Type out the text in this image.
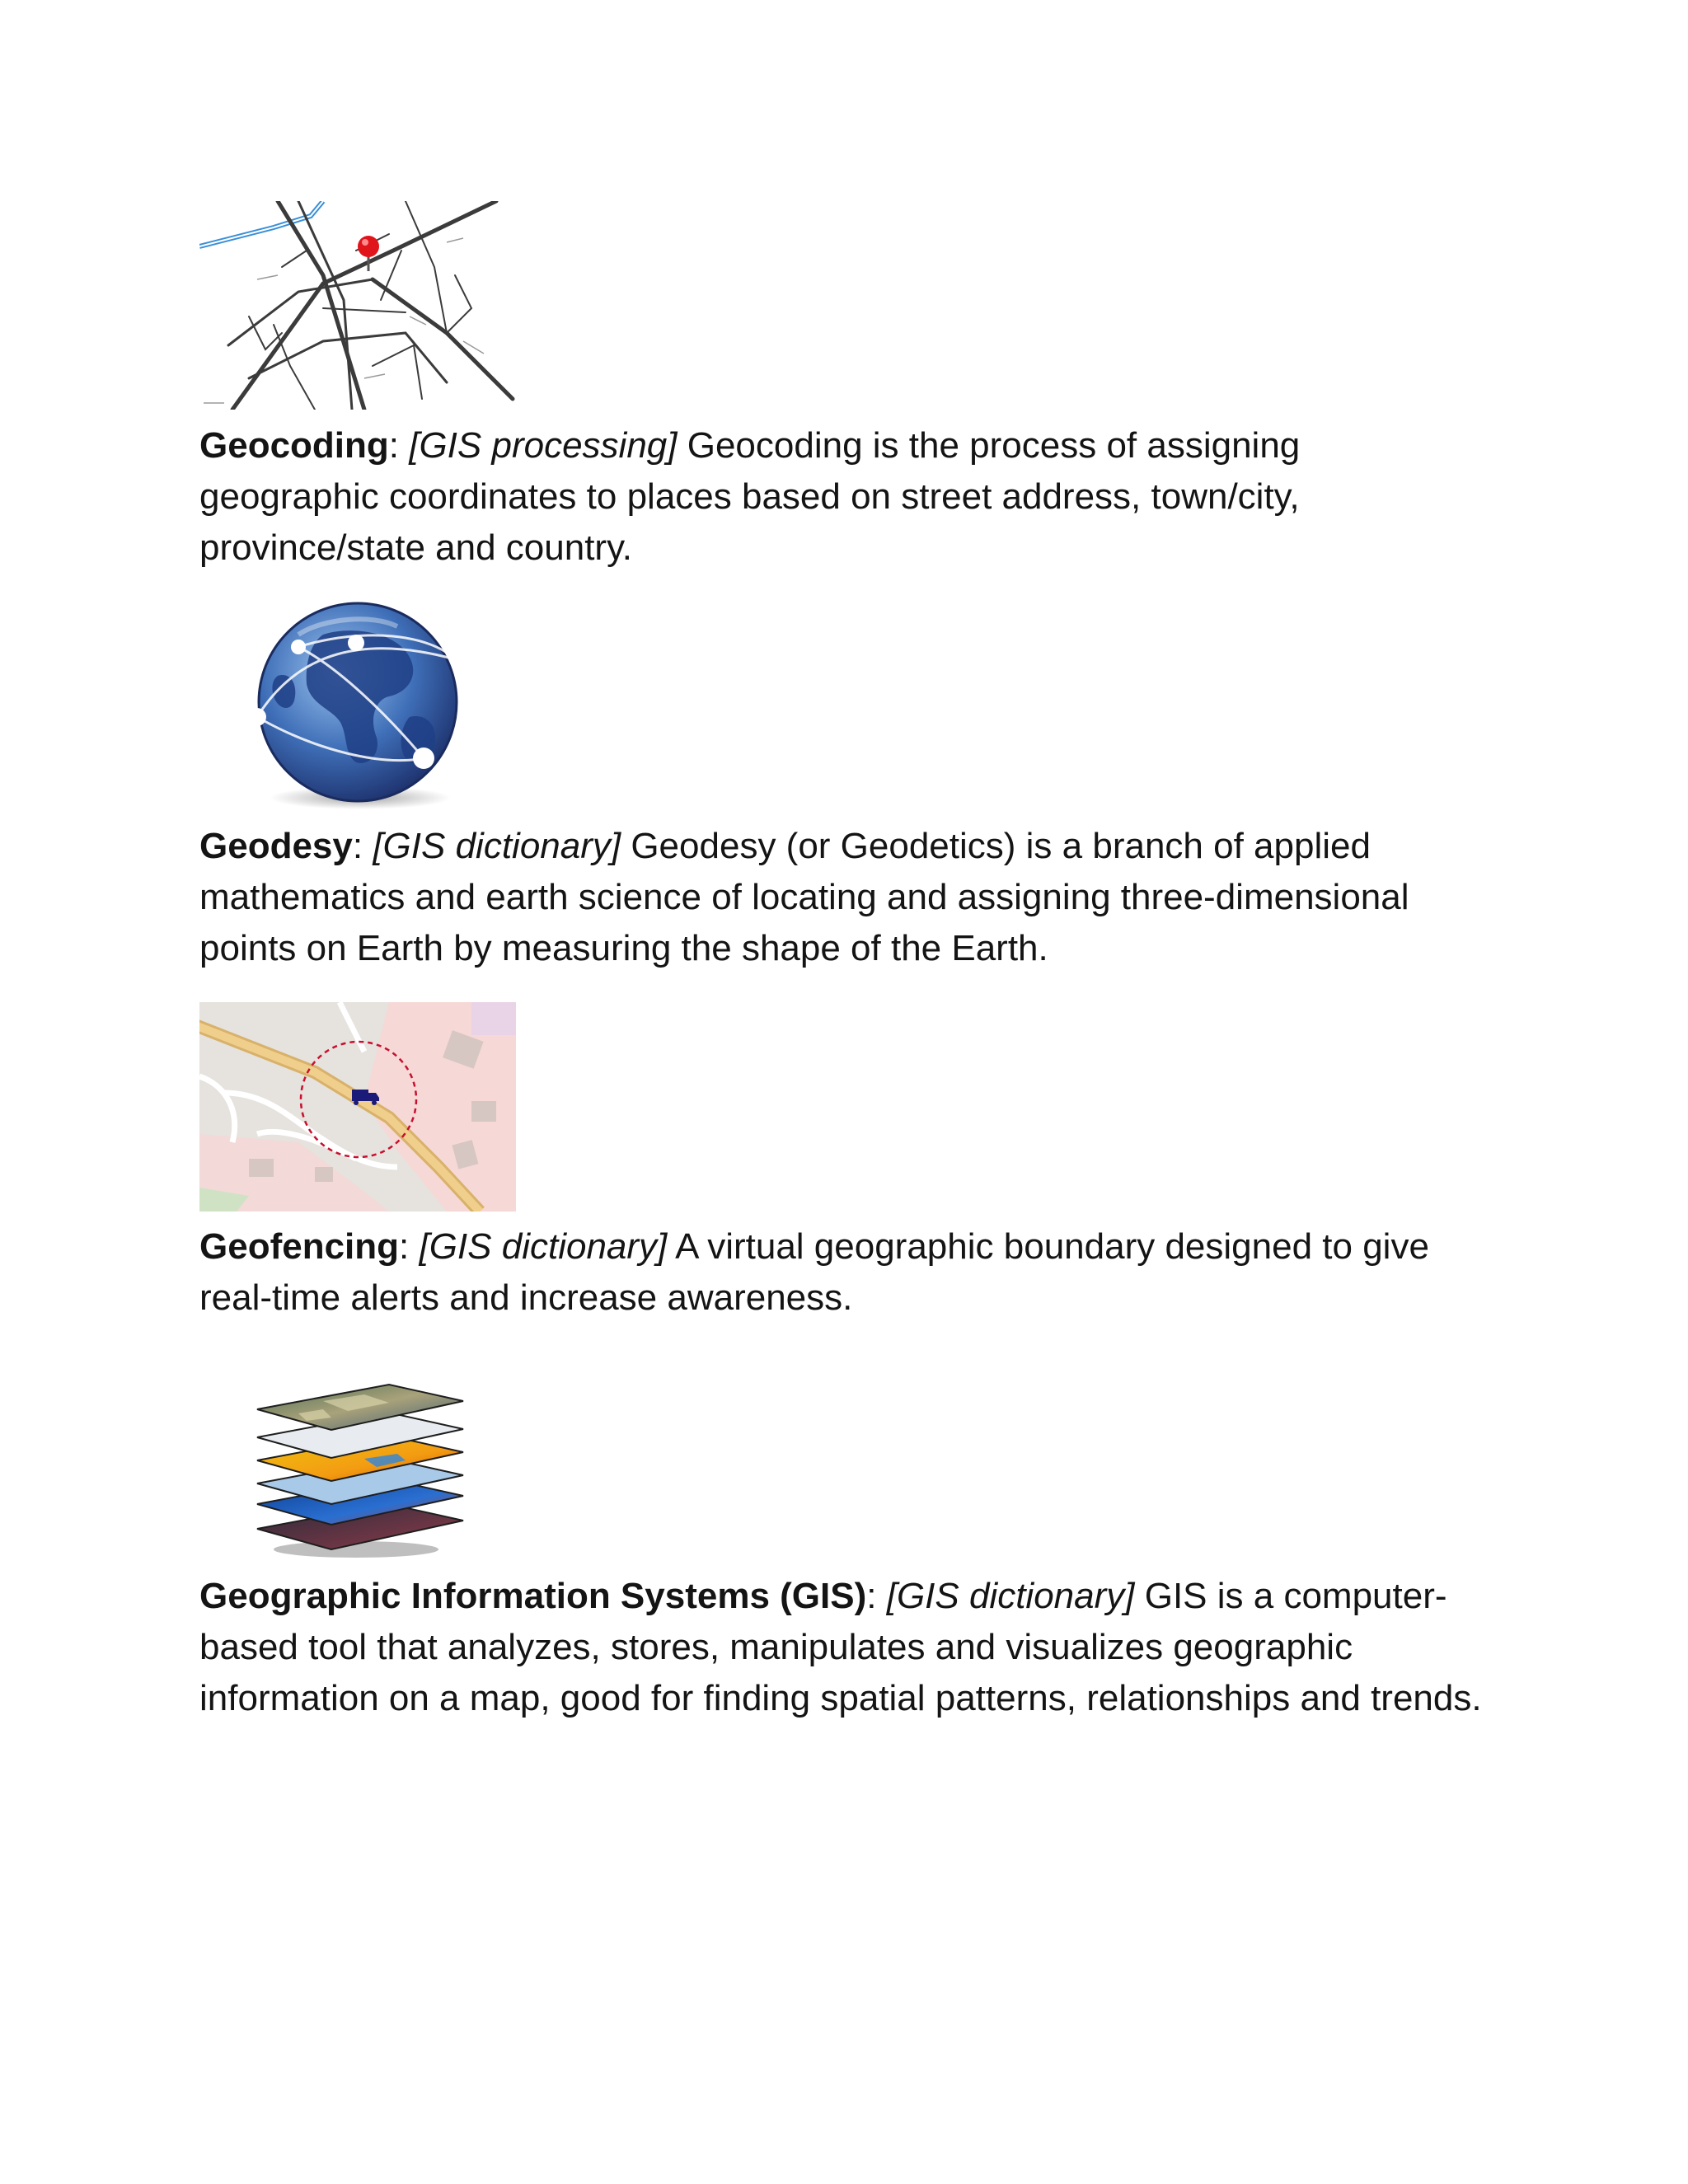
Geocoding: [GIS processing] Geocoding is the process of assigning geographic coordinates to places based on street address, town/city, province/state and country.

Geodesy: [GIS dictionary] Geodesy (or Geodetics) is a branch of applied mathematics and earth science of locating and assigning three-dimensional points on Earth by measuring the shape of the Earth.

Geofencing: [GIS dictionary] A virtual geographic boundary designed to give real-time alerts and increase awareness.

Geographic Information Systems (GIS): [GIS dictionary] GIS is a computer-based tool that analyzes, stores, manipulates and visualizes geographic information on a map, good for finding spatial patterns, relationships and trends.
